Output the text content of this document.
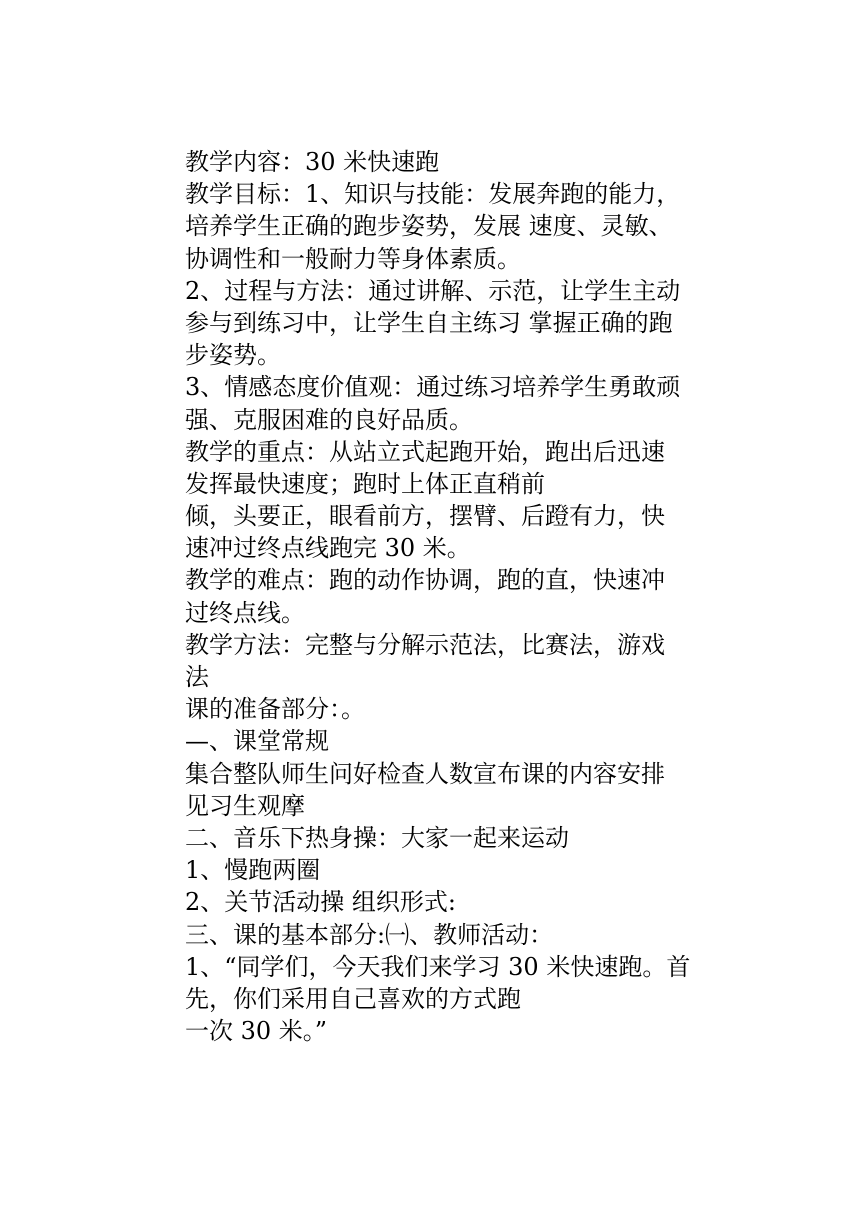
教学内容：30 米快速跑
教学目标：1、知识与技能：发展奔跑的能力，
培养学生正确的跑步姿势，发展 速度、灵敏、
协调性和一般耐力等身体素质。
2、过程与方法：通过讲解、示范，让学生主动
参与到练习中，让学生自主练习 掌握正确的跑
步姿势。
3、情感态度价值观：通过练习培养学生勇敢顽
强、克服困难的良好品质。
教学的重点：从站立式起跑开始，跑出后迅速
发挥最快速度；跑时上体正直稍前
倾，头要正，眼看前方，摆臂、后蹬有力，快
速冲过终点线跑完 30 米。
教学的难点：跑的动作协调，跑的直，快速冲
过终点线。
教学方法：完整与分解示范法，比赛法，游戏
法
课的准备部分：。
—、课堂常规
集合整队师生问好检查人数宣布课的内容安排
见习生观摩
二、音乐下热身操：大家一起来运动
1、慢跑两圈
2、关节活动操 组织形式:
三、课的基本部分:㈠、教师活动：
1、“同学们，今天我们来学习 30 米快速跑。首
先，你们采用自己喜欢的方式跑
一次 30 米。”
